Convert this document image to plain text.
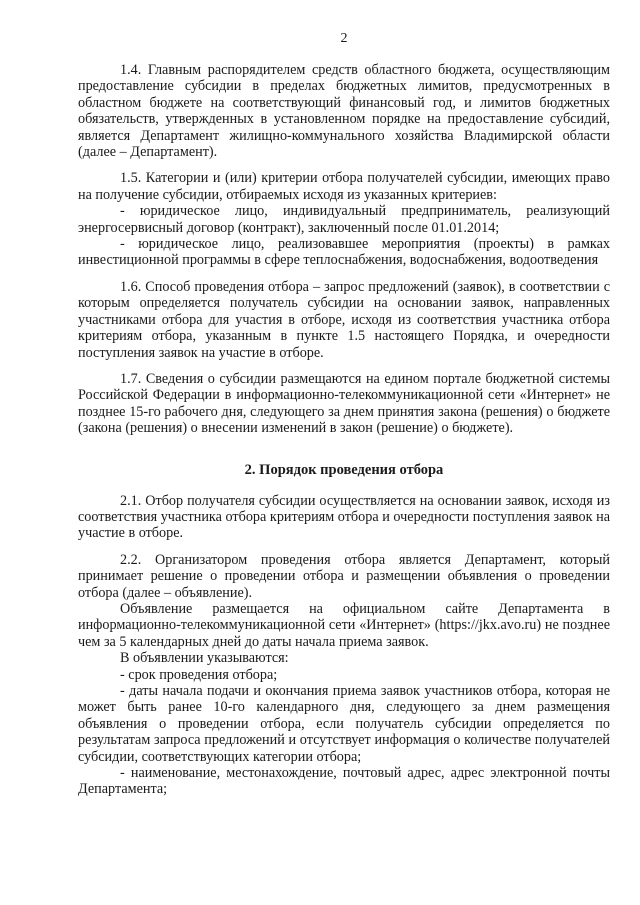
2

1.4. Главным распорядителем средств областного бюджета, осуществляющим предоставление субсидии в пределах бюджетных лимитов, предусмотренных в областном бюджете на соответствующий финансовый год, и лимитов бюджетных обязательств, утвержденных в установленном порядке на предоставление субсидий, является Департамент жилищно-коммунального хозяйства Владимирской области (далее – Департамент).

1.5. Категории и (или) критерии отбора получателей субсидии, имеющих право на получение субсидии, отбираемых исходя из указанных критериев:

- юридическое лицо, индивидуальный предприниматель, реализующий энергосервисный договор (контракт), заключенный после 01.01.2014;

- юридическое лицо, реализовавшее мероприятия (проекты) в рамках инвестиционной программы в сфере теплоснабжения, водоснабжения, водоотведения

1.6. Способ проведения отбора – запрос предложений (заявок), в соответствии с которым определяется получатель субсидии на основании заявок, направленных участниками отбора для участия в отборе, исходя из соответствия участника отбора критериям отбора, указанным в пункте 1.5 настоящего Порядка, и очередности поступления заявок на участие в отборе.

1.7. Сведения о субсидии размещаются на едином портале бюджетной системы Российской Федерации в информационно-телекоммуникационной сети «Интернет» не позднее 15-го рабочего дня, следующего за днем принятия закона (решения) о бюджете (закона (решения) о внесении изменений в закон (решение) о бюджете).

2. Порядок проведения отбора

2.1. Отбор получателя субсидии осуществляется на основании заявок, исходя из соответствия участника отбора критериям отбора и очередности поступления заявок на участие в отборе.

2.2. Организатором проведения отбора является Департамент, который принимает решение о проведении отбора и размещении объявления о проведении отбора (далее – объявление).

Объявление размещается на официальном сайте Департамента в информационно-телекоммуникационной сети «Интернет» (https://jkx.avo.ru) не позднее чем за 5 календарных дней до даты начала приема заявок.

В объявлении указываются:

- срок проведения отбора;

- даты начала подачи и окончания приема заявок участников отбора, которая не может быть ранее 10-го календарного дня, следующего за днем размещения объявления о проведении отбора, если получатель субсидии определяется по результатам запроса предложений и отсутствует информация о количестве получателей субсидии, соответствующих категории отбора;

- наименование, местонахождение, почтовый адрес, адрес электронной почты Департамента;
